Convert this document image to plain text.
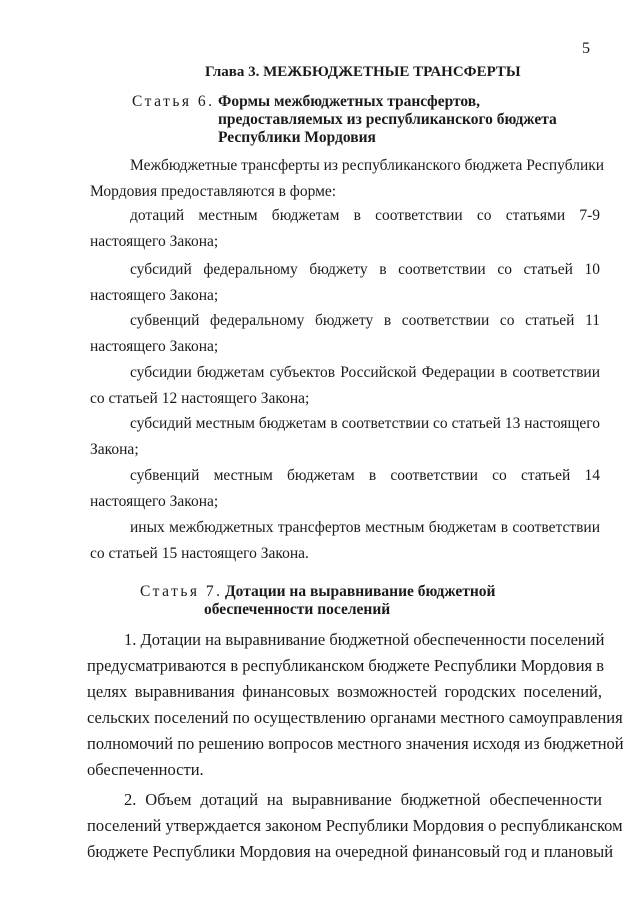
5
Глава 3. МЕЖБЮДЖЕТНЫЕ ТРАНСФЕРТЫ
Статья 6. Формы межбюджетных трансфертов,
предоставляемых из республиканского бюджета
Республики Мордовия
Межбюджетные трансферты из республиканского бюджета Республики
Мордовия предоставляются в форме:
дотаций местным бюджетам в соответствии со статьями 7-9
настоящего Закона;
субсидий федеральному бюджету в соответствии со статьей 10
настоящего Закона;
субвенций федеральному бюджету в соответствии со статьей 11
настоящего Закона;
субсидии бюджетам субъектов Российской Федерации в соответствии
со статьей 12 настоящего Закона;
субсидий местным бюджетам в соответствии со статьей 13 настоящего
Закона;
субвенций местным бюджетам в соответствии со статьей 14
настоящего Закона;
иных межбюджетных трансфертов местным бюджетам в соответствии
со статьей 15 настоящего Закона.
Статья 7. Дотации на выравнивание бюджетной
обеспеченности поселений
1. Дотации на выравнивание бюджетной обеспеченности поселений
предусматриваются в республиканском бюджете Республики Мордовия в
целях выравнивания финансовых возможностей городских поселений,
сельских поселений по осуществлению органами местного самоуправления
полномочий по решению вопросов местного значения исходя из бюджетной
обеспеченности.
2. Объем дотаций на выравнивание бюджетной обеспеченности
поселений утверждается законом Республики Мордовия о республиканском
бюджете Республики Мордовия на очередной финансовый год и плановый
